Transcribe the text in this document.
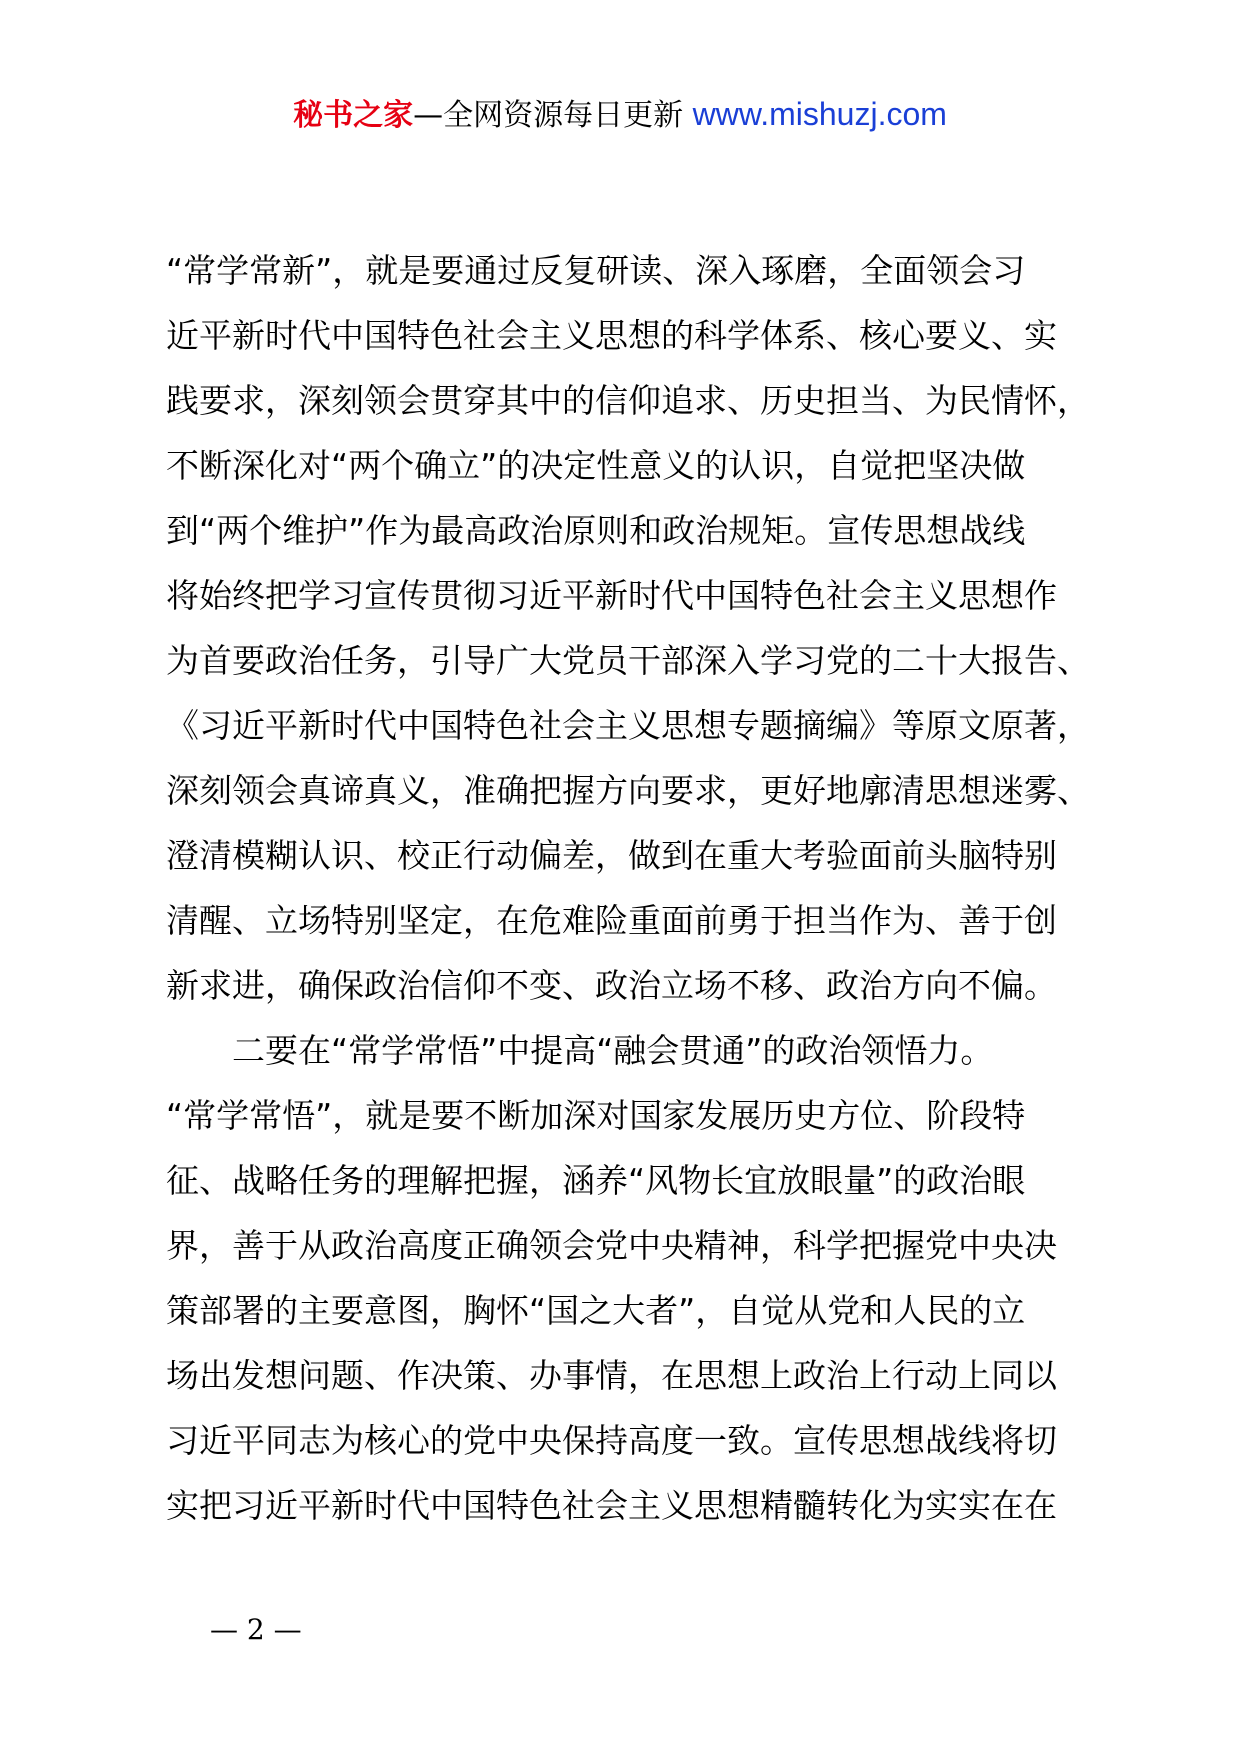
秘书之家—全网资源每日更新 www.mishuzj.com
“常学常新”，就是要通过反复研读、深入琢磨，全面领会习
近平新时代中国特色社会主义思想的科学体系、核心要义、实
践要求，深刻领会贯穿其中的信仰追求、历史担当、为民情怀，
不断深化对“两个确立”的决定性意义的认识，自觉把坚决做
到“两个维护”作为最高政治原则和政治规矩。宣传思想战线
将始终把学习宣传贯彻习近平新时代中国特色社会主义思想作
为首要政治任务，引导广大党员干部深入学习党的二十大报告、
《习近平新时代中国特色社会主义思想专题摘编》等原文原著，
深刻领会真谛真义，准确把握方向要求，更好地廓清思想迷雾、
澄清模糊认识、校正行动偏差，做到在重大考验面前头脑特别
清醒、立场特别坚定，在危难险重面前勇于担当作为、善于创
新求进，确保政治信仰不变、政治立场不移、政治方向不偏。
　　二要在“常学常悟”中提高“融会贯通”的政治领悟力。
“常学常悟”，就是要不断加深对国家发展历史方位、阶段特
征、战略任务的理解把握，涵养“风物长宜放眼量”的政治眼
界，善于从政治高度正确领会党中央精神，科学把握党中央决
策部署的主要意图，胸怀“国之大者”，自觉从党和人民的立
场出发想问题、作决策、办事情，在思想上政治上行动上同以
习近平同志为核心的党中央保持高度一致。宣传思想战线将切
实把习近平新时代中国特色社会主义思想精髓转化为实实在在
— 2 —
